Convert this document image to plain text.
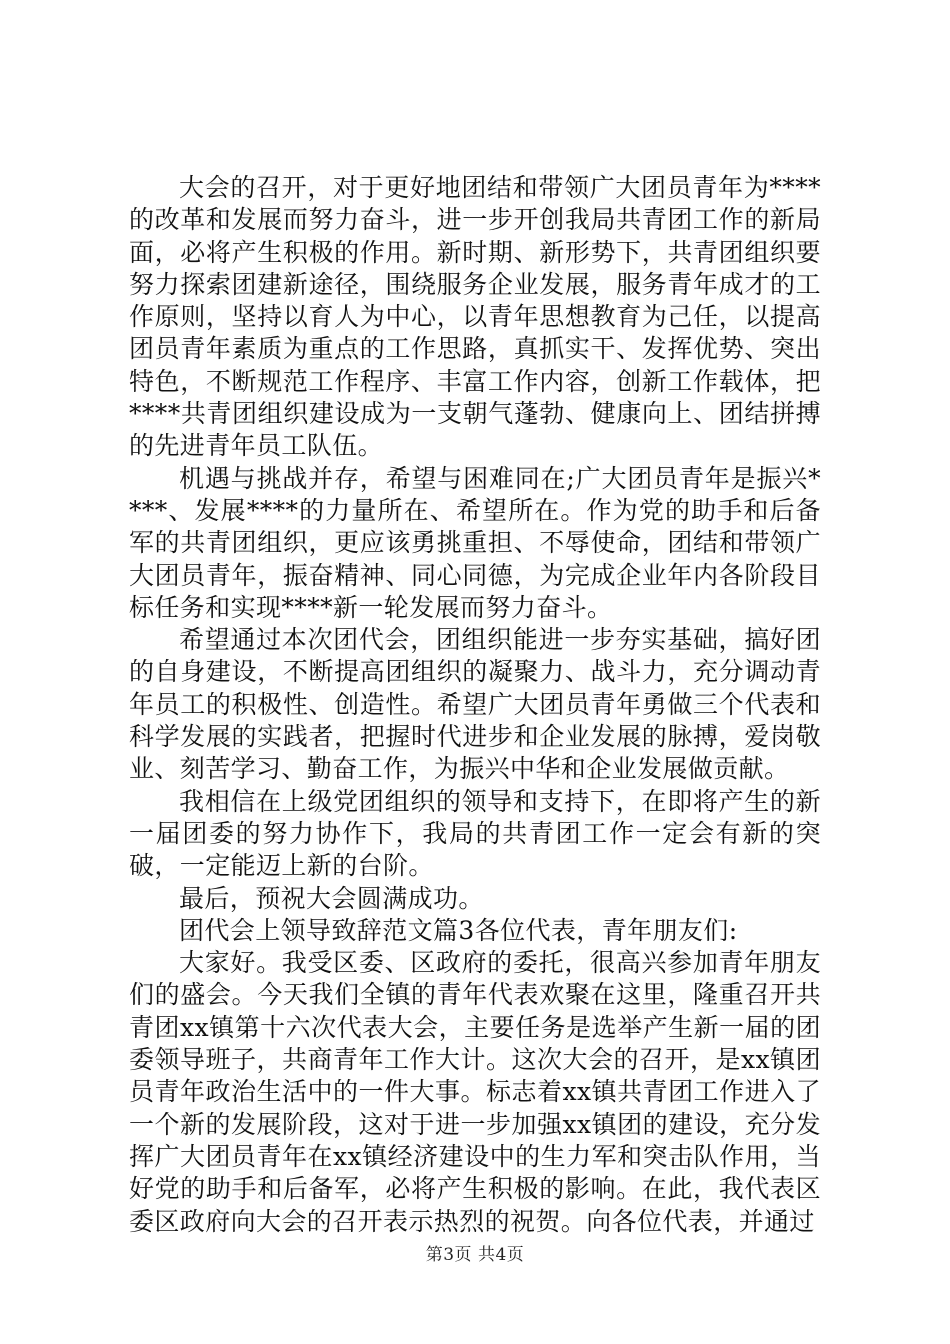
大会的召开，对于更好地团结和带领广大团员青年为****的改革和发展而努力奋斗，进一步开创我局共青团工作的新局面，必将产生积极的作用。新时期、新形势下，共青团组织要努力探索团建新途径，围绕服务企业发展，服务青年成才的工作原则，坚持以育人为中心，以青年思想教育为己任，以提高团员青年素质为重点的工作思路，真抓实干、发挥优势、突出特色，不断规范工作程序、丰富工作内容，创新工作载体，把****共青团组织建设成为一支朝气蓬勃、健康向上、团结拼搏的先进青年员工队伍。

机遇与挑战并存，希望与困难同在;广大团员青年是振兴****、发展****的力量所在、希望所在。作为党的助手和后备军的共青团组织，更应该勇挑重担、不辱使命，团结和带领广大团员青年，振奋精神、同心同德，为完成企业年内各阶段目标任务和实现****新一轮发展而努力奋斗。

希望通过本次团代会，团组织能进一步夯实基础，搞好团的自身建设，不断提高团组织的凝聚力、战斗力，充分调动青年员工的积极性、创造性。希望广大团员青年勇做三个代表和科学发展的实践者，把握时代进步和企业发展的脉搏，爱岗敬业、刻苦学习、勤奋工作，为振兴中华和企业发展做贡献。

我相信在上级党团组织的领导和支持下，在即将产生的新一届团委的努力协作下，我局的共青团工作一定会有新的突破，一定能迈上新的台阶。

最后，预祝大会圆满成功。

团代会上领导致辞范文篇3各位代表，青年朋友们:

大家好。我受区委、区政府的委托，很高兴参加青年朋友们的盛会。今天我们全镇的青年代表欢聚在这里，隆重召开共青团xx镇第十六次代表大会，主要任务是选举产生新一届的团委领导班子，共商青年工作大计。这次大会的召开，是xx镇团员青年政治生活中的一件大事。标志着xx镇共青团工作进入了一个新的发展阶段，这对于进一步加强xx镇团的建设，充分发挥广大团员青年在xx镇经济建设中的生力军和突击队作用，当好党的助手和后备军，必将产生积极的影响。在此，我代表区委区政府向大会的召开表示热烈的祝贺。向各位代表，并通过

第3页 共4页
